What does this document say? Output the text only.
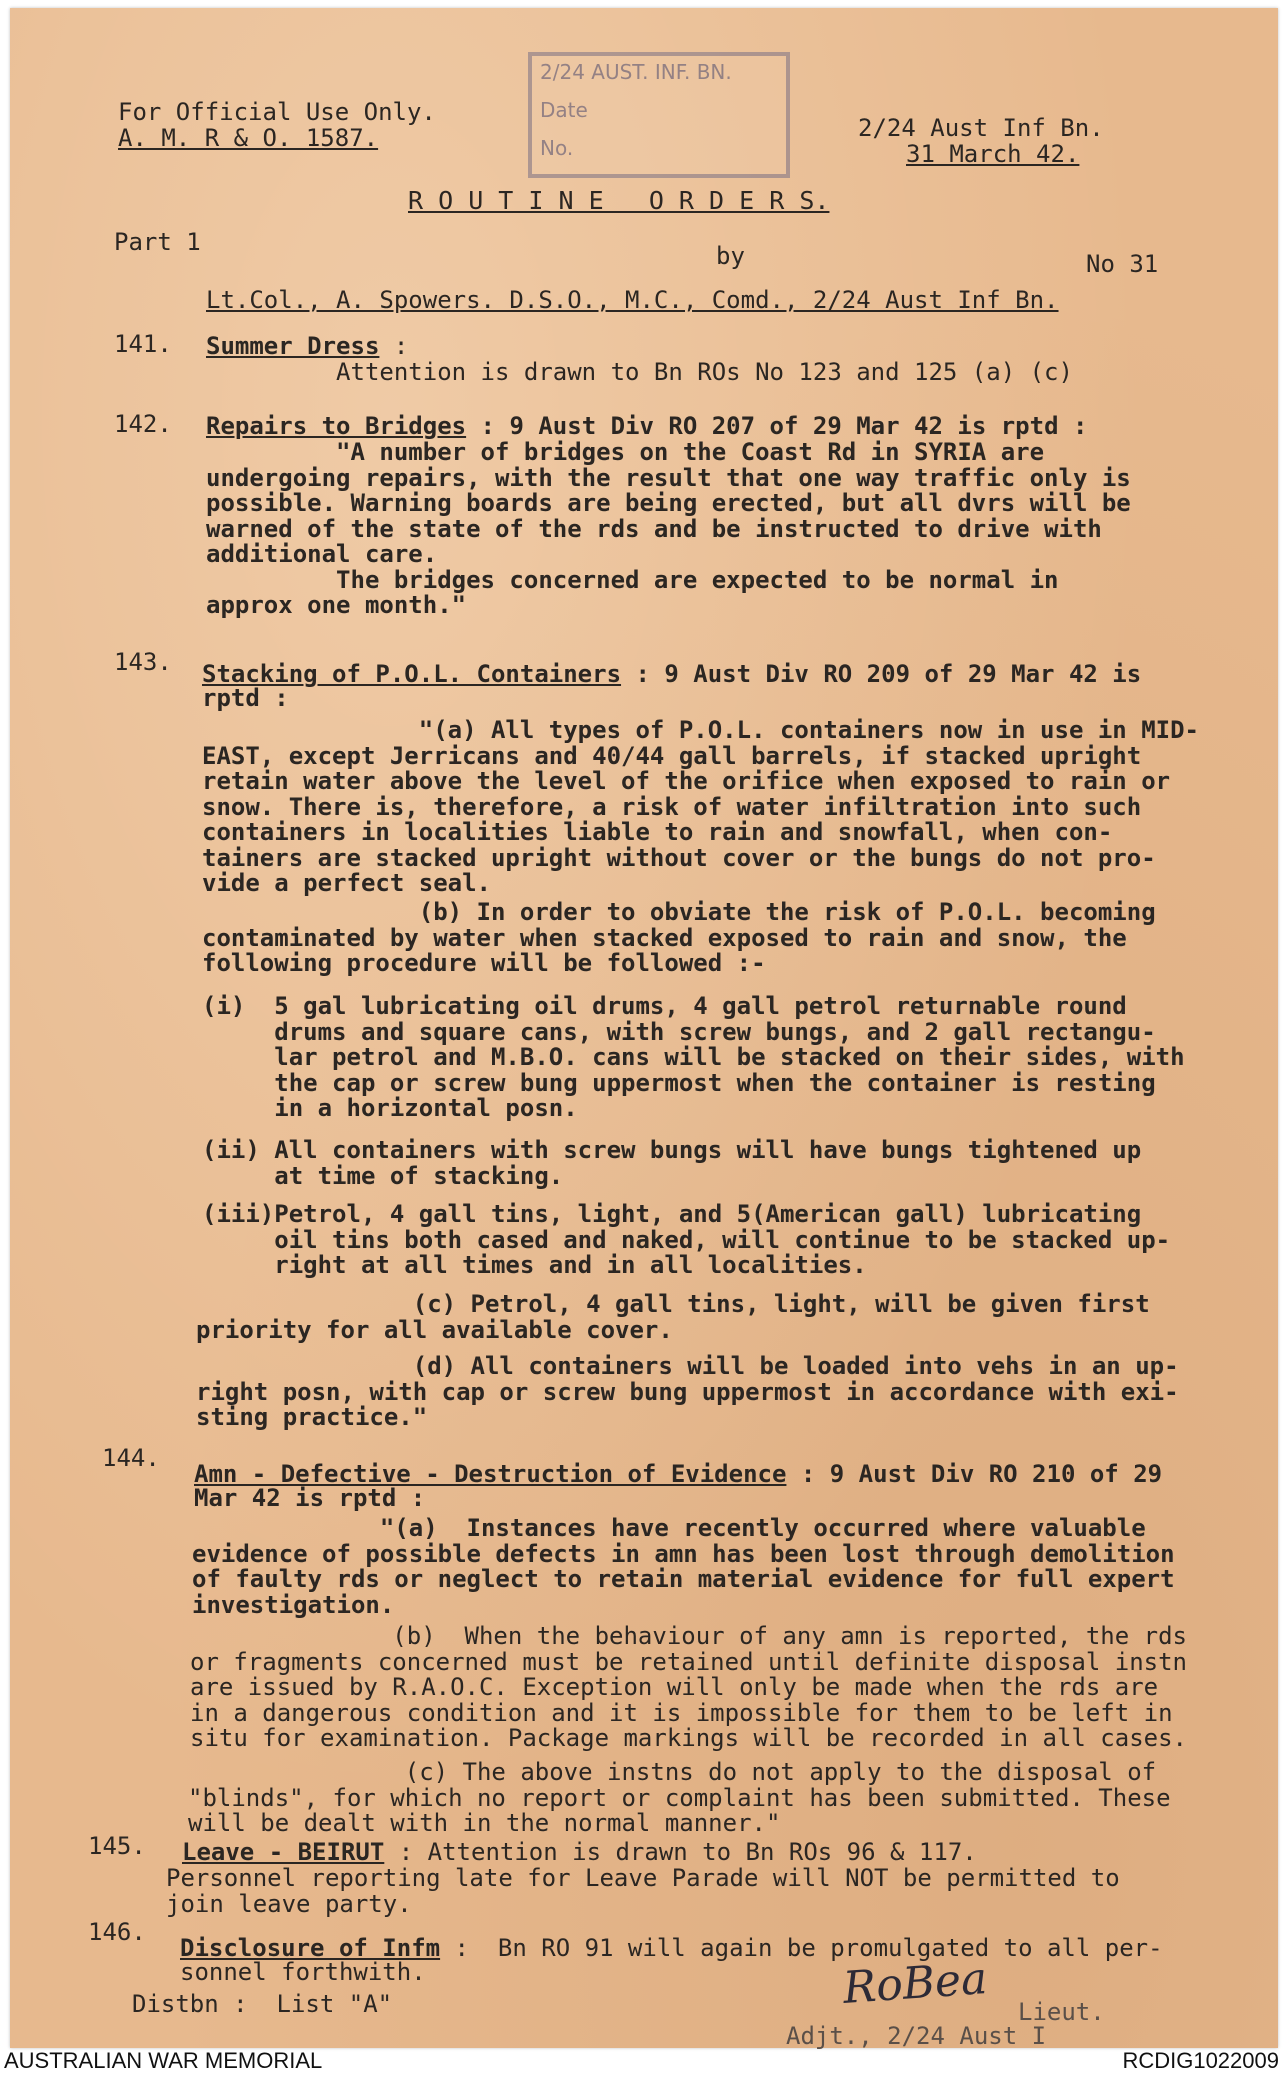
2/24 AUST. INF. BN.
Date
No.
For Official Use Only.
A. M. R & O. 1587.	2/24 Aust Inf Bn.
31 March 42.
R O U T I N E   O R D E R S.
Part 1	by	No 31
Lt.Col., A. Spowers. D.S.O., M.C., Comd., 2/24 Aust Inf Bn.
141. Summer Dress :

Attention is drawn to Bn ROs No 123 and 125 (a) (c)

142. Repairs to Bridges : 9 Aust Div RO 207 of 29 Mar 42 is rptd :

"A number of bridges on the Coast Rd in SYRIA are

undergoing repairs, with the result that one way traffic only is

possible. Warning boards are being erected, but all dvrs will be

warned of the state of the rds and be instructed to drive with

additional care.

The bridges concerned are expected to be normal in

approx one month."

143. Stacking of P.O.L. Containers : 9 Aust Div RO 209 of 29 Mar 42 is
rptd :

"(a) All types of P.O.L. containers now in use in MID-

EAST, except Jerricans and 40/44 gall barrels, if stacked upright

retain water above the level of the orifice when exposed to rain or

snow. There is, therefore, a risk of water infiltration into such

containers in localities liable to rain and snowfall, when con-

tainers are stacked upright without cover or the bungs do not pro-

vide a perfect seal.

(b) In order to obviate the risk of P.O.L. becoming

contaminated by water when stacked exposed to rain and snow, the

following procedure will be followed :-

(i)  5 gal lubricating oil drums, 4 gall petrol returnable round

drums and square cans, with screw bungs, and 2 gall rectangu-

lar petrol and M.B.O. cans will be stacked on their sides, with

the cap or screw bung uppermost when the container is resting

in a horizontal posn.

(ii) All containers with screw bungs will have bungs tightened up

at time of stacking.

(iii)Petrol, 4 gall tins, light, and 5(American gall) lubricating

oil tins both cased and naked, will continue to be stacked up-

right at all times and in all localities.

(c) Petrol, 4 gall tins, light, will be given first

priority for all available cover.

(d) All containers will be loaded into vehs in an up-

right posn, with cap or screw bung uppermost in accordance with exi-

sting practice."

144.
Amn - Defective - Destruction of Evidence : 9 Aust Div RO 210 of 29
Mar 42 is rptd :

"(a)  Instances have recently occurred where valuable

evidence of possible defects in amn has been lost through demolition

of faulty rds or neglect to retain material evidence for full expert

investigation.

(b)  When the behaviour of any amn is reported, the rds

or fragments concerned must be retained until definite disposal instn

are issued by R.A.O.C. Exception will only be made when the rds are

in a dangerous condition and it is impossible for them to be left in

situ for examination. Package markings will be recorded in all cases.

(c) The above instns do not apply to the disposal of

"blinds", for which no report or complaint has been submitted. These

will be dealt with in the normal manner."

145. Leave - BEIRUT : Attention is drawn to Bn ROs 96 & 117.

Personnel reporting late for Leave Parade will NOT be permitted to

join leave party.

146.
Disclosure of Infm :  Bn RO 91 will again be promulgated to all per-

sonnel forthwith.

Distbn :  List "A"	RoBea Lieut.
Adjt., 2/24 Aust I
AUSTRALIAN WAR MEMORIAL	RCDIG1022009
